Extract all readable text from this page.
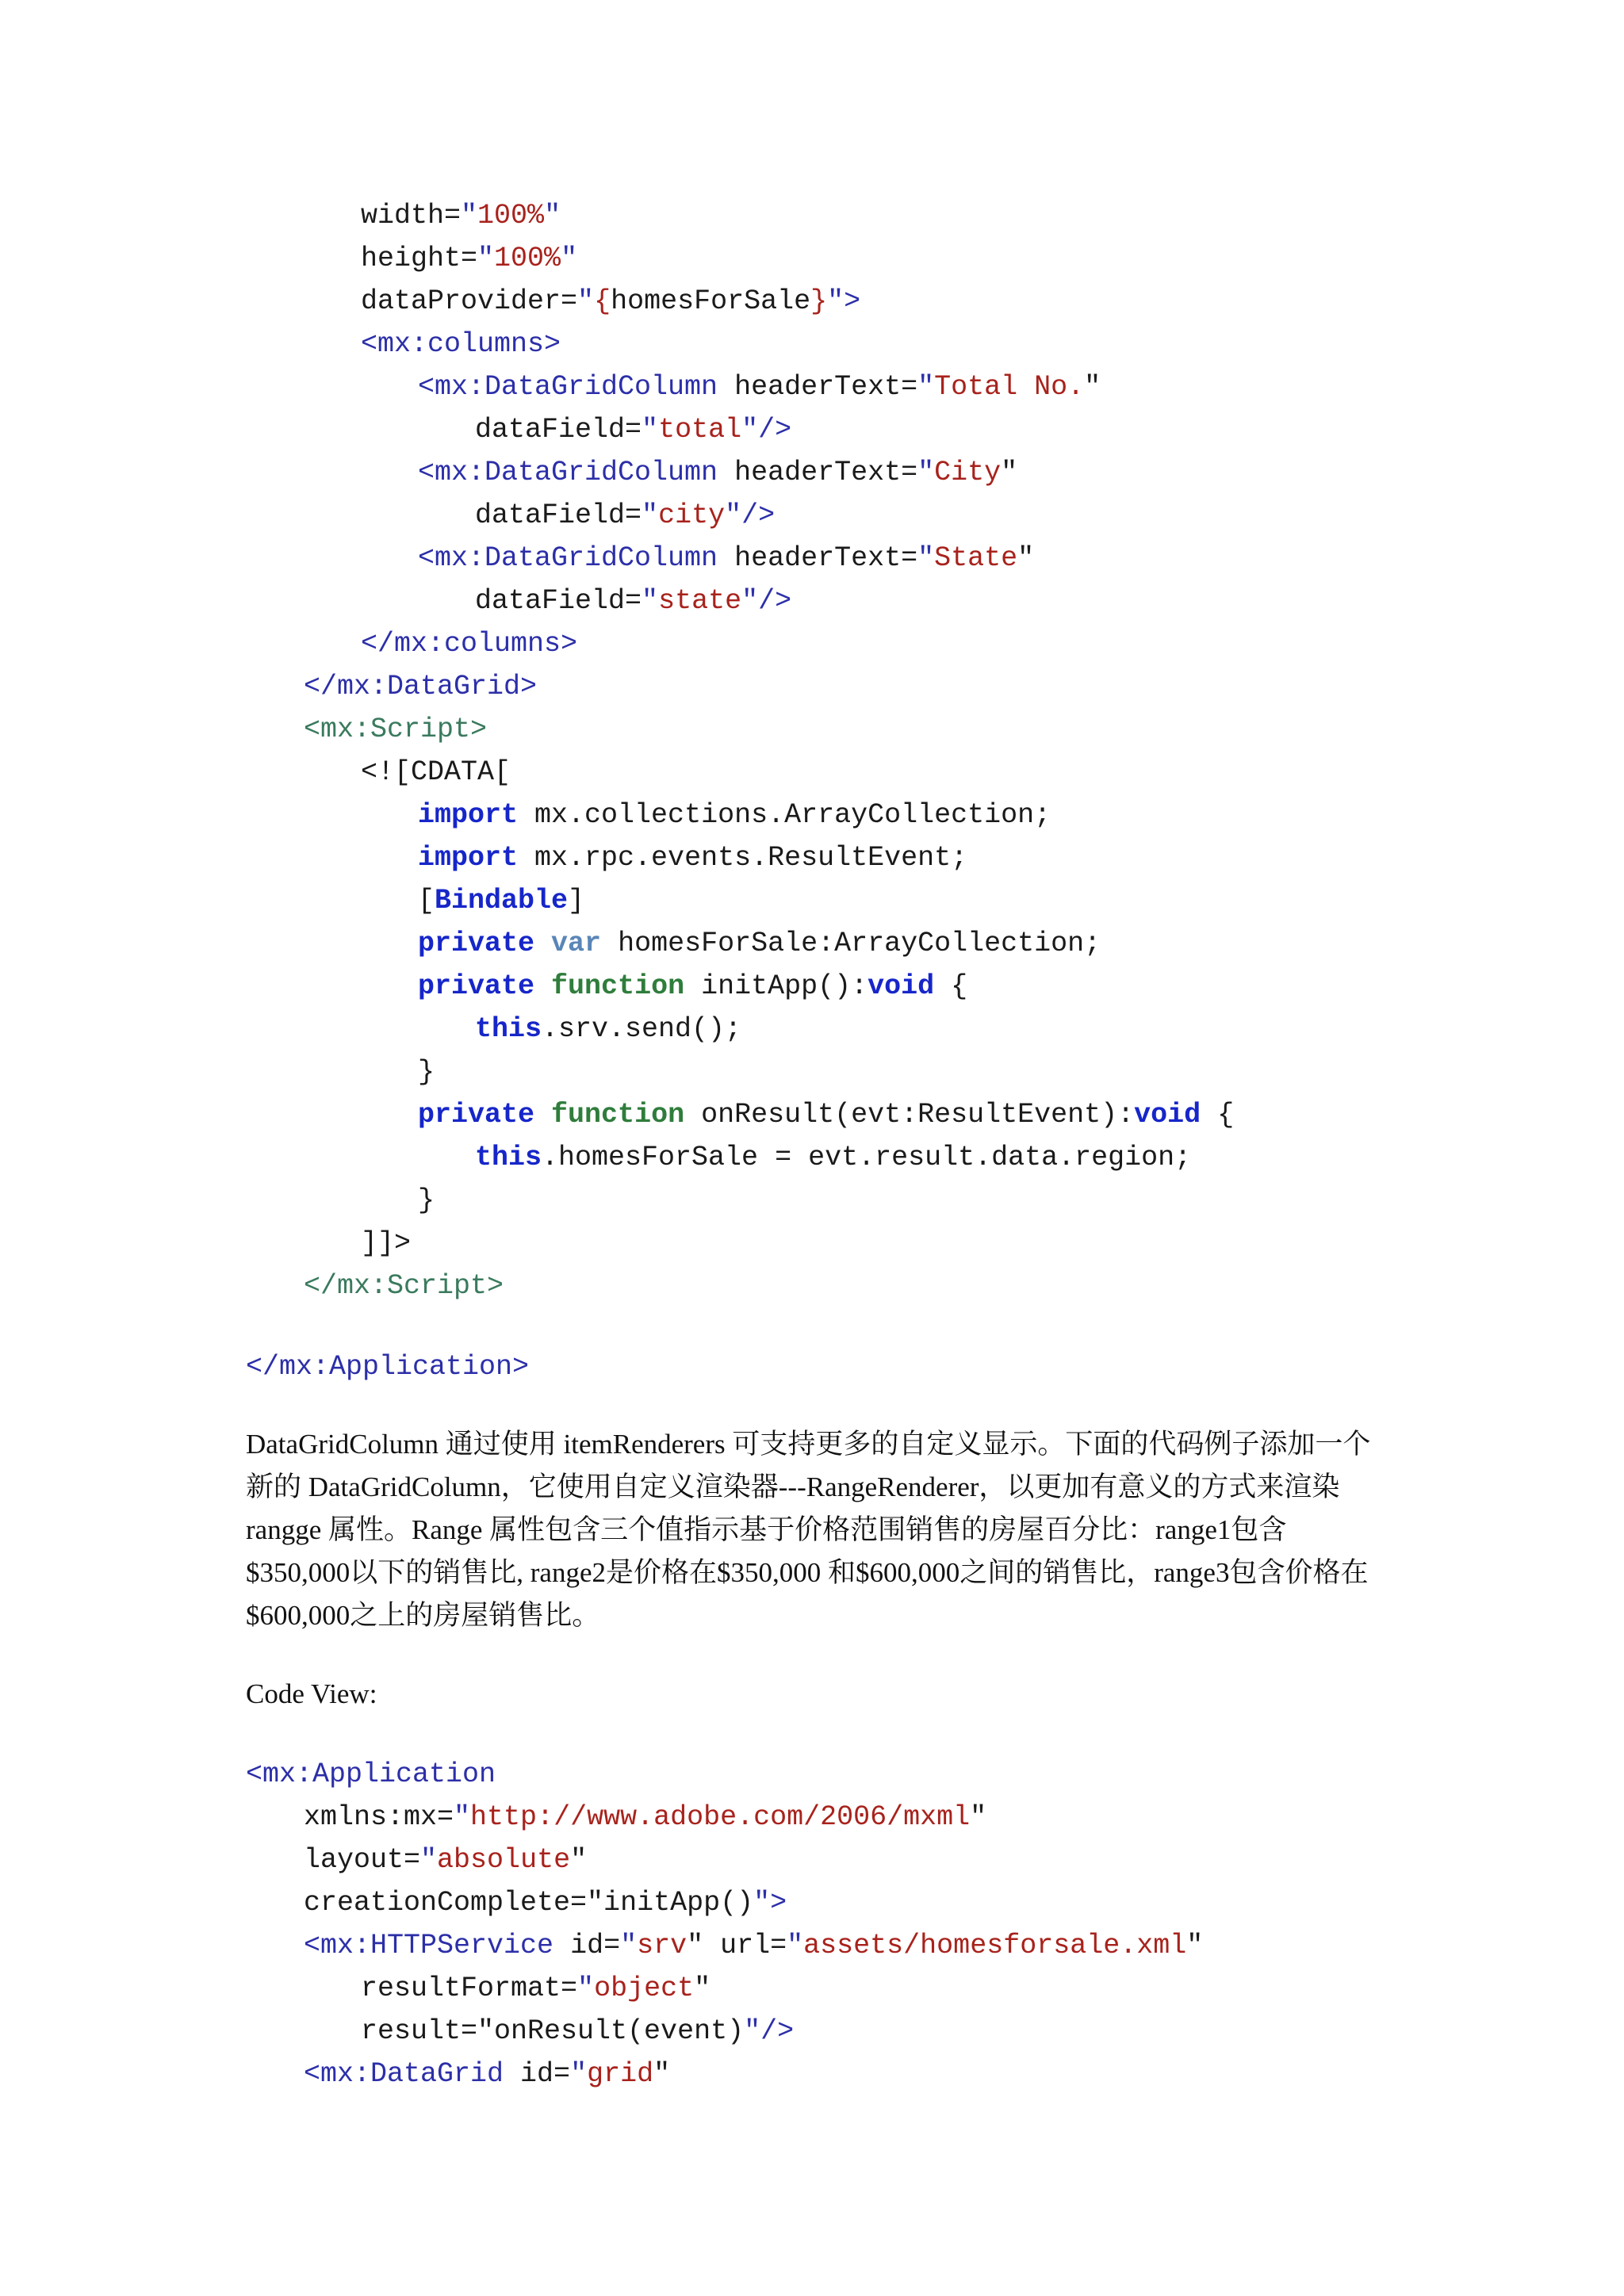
width="100%"

height="100%"

dataProvider="{homesForSale}">

<mx:columns>

<mx:DataGridColumn headerText="Total No."

dataField="total"/>

<mx:DataGridColumn headerText="City"

dataField="city"/>

<mx:DataGridColumn headerText="State"

dataField="state"/>

</mx:columns>

</mx:DataGrid>

<mx:Script>

<![CDATA[

import mx.collections.ArrayCollection;

import mx.rpc.events.ResultEvent;

[Bindable]

private var homesForSale:ArrayCollection;

private function initApp():void {

this.srv.send();

}

private function onResult(evt:ResultEvent):void {

this.homesForSale = evt.result.data.region;

}

]]>

</mx:Script>

</mx:Application>

DataGridColumn 通过使用 itemRenderers 可支持更多的自定义显示。下面的代码例子添加一个新的 DataGridColumn，它使用自定义渲染器---RangeRenderer，以更加有意义的方式来渲染 rangge 属性。Range 属性包含三个值指示基于价格范围销售的房屋百分比：range1包含$350,000以下的销售比, range2是价格在$350,000 和$600,000之间的销售比，range3包含价格在$600,000之上的房屋销售比。
Code View:

<mx:Application

xmlns:mx="http://www.adobe.com/2006/mxml"

layout="absolute"

creationComplete="initApp()">

<mx:HTTPService id="srv" url="assets/homesforsale.xml"

resultFormat="object"

result="onResult(event)"/>

<mx:DataGrid id="grid"
